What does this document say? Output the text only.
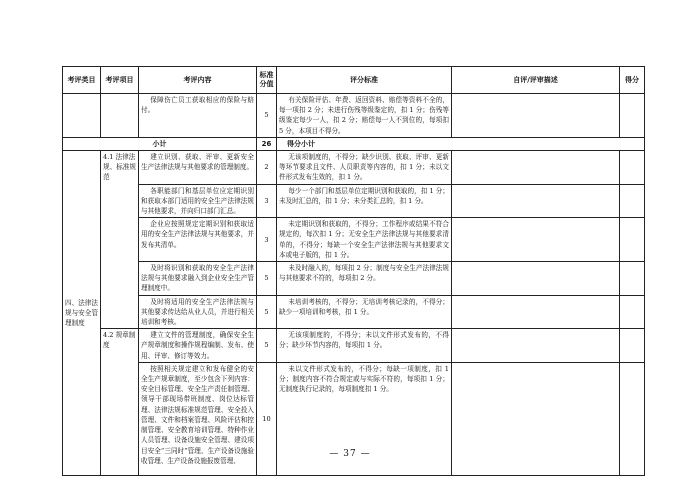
考评类目	考评项目	考评内容	标准分值	评分标准	自评/评审描述	得分
		保障伤亡员工获取相应的保险与赔付。	5	有关保险评估、年费、返回资料、赔偿等资料不全的，每一项扣 2 分；未进行伤残等级鉴定的，扣 1 分；伤残等级鉴定每少一人，扣 2 分；赔偿每一人不到位的，每项扣 5 分，本项目不得分。		
小计			26	得分小计		
四、法律法规与安全管理制度	4.1 法律法规、标准规范	建立识别、获取、评审、更新安全生产法律法规与其他要求的管理制度。	2	无该项制度的，不得分；缺少识别、获取、评审、更新等环节要求且文件、人员职责等内容的，扣 1 分；未以文件形式发布生效的，扣 1 分。		
		各职能部门和基层单位应定期识别和获取本部门适用的安全生产法律法规与其他要求，并向归口部门汇总。	3	每少一个部门和基层单位定期识别和获取的，扣 1 分；未及时汇总的，扣 1 分；未分类汇总的，扣 1 分。		
		企业应按照规定定期识别和获取适用的安全生产法律法规与其他要求，并发布其清单。	3	未定期识别和获取的，不得分；工作程序或结果不符合规定的，每次扣 1 分；无安全生产法律法规与其他要求清单的，不得分；每缺一个安全生产法律法规与其他要求文本或电子版的，扣 1 分。		
		及时将识别和获取的安全生产法律法规与其他要求融入到企业安全生产管理制度中。	5	未及时融入的，每项扣 2 分；制度与安全生产法律法规与其他要求不符的，每项扣 2 分。		
		及时将适用的安全生产法律法规与其他要求传达给从业人员，并进行相关培训和考核。	5	未培训考核的，不得分；无培训考核记录的，不得分；缺少一项培训和考核，扣 1 分。		
	4.2 规章制度	建立文件的管理制度，确保安全生产规章制度和操作规程编制、发布、使用、评审、修订等效力。	5	无该项制度的，不得分；未以文件形式发布的，不得分；缺少环节内容的，每项扣 1 分。		
		按照相关规定建立和发布健全的安全生产规章制度，至少包含下列内容：安全目标管理、安全生产责任制管理、领导干部现场带班制度、岗位达标管理、法律法规标准规范管理、安全投入管理、文件和档案管理、风险评估和控制管理、安全教育培训管理、特种作业人员管理、设备设施安全管理、建设项目安全“三同时”管理、生产设备设施验收管理、生产设备设施报废管理、	10	未以文件形式发布的，不得分；每缺一项制度，扣 1 分；制度内容不符合规定或与实际不符的，每项扣 1 分；无制度执行记录的，每项制度扣 1 分。		
— 37 —
